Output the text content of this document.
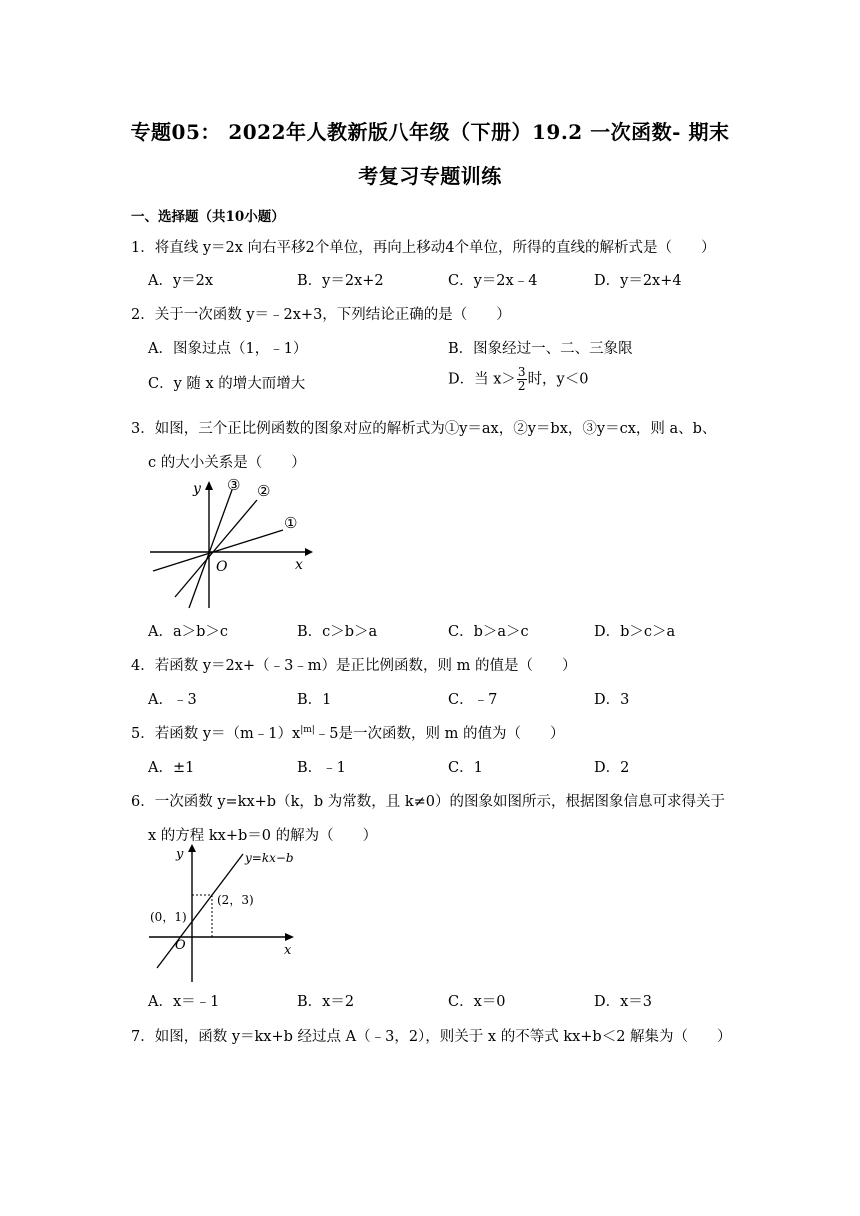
专题05： 2022年人教新版八年级（下册）19.2 一次函数- 期末
考复习专题训练
一、选择题（共10小题）
1．将直线 y＝2x 向右平移2个单位，再向上移动4个单位，所得的直线的解析式是（　　）
A．y＝2x	B．y＝2x+2	C．y＝2x﹣4	D．y＝2x+4
2．关于一次函数 y＝﹣2x+3，下列结论正确的是（　　）
A．图象过点（1，﹣1）	B．图象经过一、二、三象限
C．y 随 x 的增大而增大	D．当 $x> \frac{3}{2}$ 时，y＜0
3．如图，三个正比例函数的图象对应的解析式为①y＝ax，②y＝bx，③y＝cx，则 a、b、
c 的大小关系是（　　）
y
x
O
①
②
③
A．a＞b＞c	B．c＞b＞a	C．b＞a＞c	D．b＞c＞a
4．若函数 y＝2x+（﹣3﹣m）是正比例函数，则 m 的值是（　　）
A．﹣3	B．1	C．﹣7	D．3
5．若函数 $y=(m﹣1)x^{|m|}﹣5$是一次函数，则 m 的值为（　　）
A．±1	B．﹣1	C．1	D．2
6．一次函数 y=kx+b（k，b 为常数，且 k≠0）的图象如图所示，根据图象信息可求得关于
x 的方程 kx+b＝0 的解为（　　）
y
x
O
y=kx−b
(0，1)
(2，3)
A．x＝﹣1	B．x＝2	C．x＝0	D．x＝3
7．如图，函数 y＝kx+b 经过点 A（﹣3，2），则关于 x 的不等式 kx+b＜2 解集为（　　）
